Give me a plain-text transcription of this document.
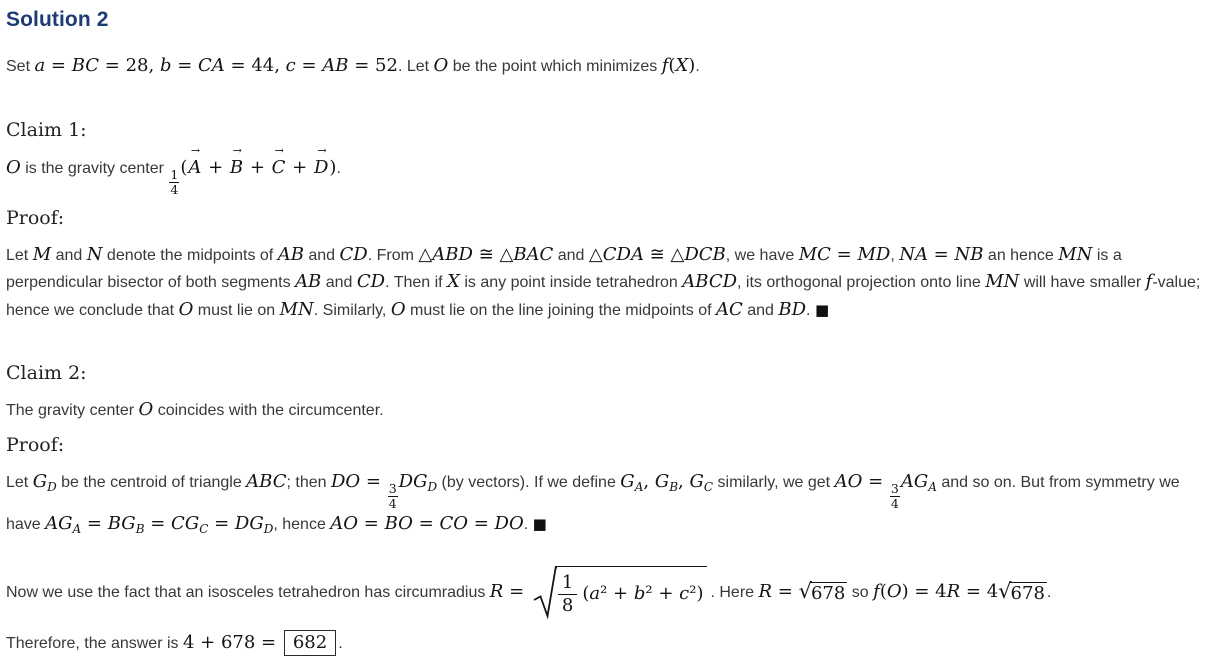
Solution 2
Set a = BC = 28, b = CA = 44, c = AB = 52. Let O be the point which minimizes f(X).
Claim 1:
O is the gravity center $\frac{1}{4}$
(A
→
+ B
→
+ C
→
+ D
→
).
Proof:
Let M and N denote the midpoints of AB and CD. From △ABD ≅ △BAC and △CDA ≅ △DCB, we have MC = MD, NA = NB an hence MN is a perpendicular bisector of both segments AB and CD. Then if X is any point inside tetrahedron ABCD, its orthogonal projection onto line MN will have smaller f-value; hence we conclude that O must lie on MN. Similarly, O must lie on the line joining the midpoints of AC and BD. ■
Claim 2:
The gravity center O coincides with the circumcenter.
Proof:
Let $G_D$ be the centroid of triangle ABC; then DO =
$\frac{3}{4}$
$DG_D$ (by vectors). If we define $G_A$, $G_B$, $G_C$ similarly, we get AO =
$\frac{3}{4}$
$AG_A$ and so on. But from symmetry we have $AG_A = BG_B = CG_C = DG_D$, hence AO = BO = CO = DO. ■
Now we use the fact that an isosceles tetrahedron has circumradius $R = \frac{1}{8} (a^2 + b^2 + c^2)$ . Here R = √ 678 so f(O) = 4R = 4 √ 678 .
Therefore, the answer is 4 + 678 = 682 .
